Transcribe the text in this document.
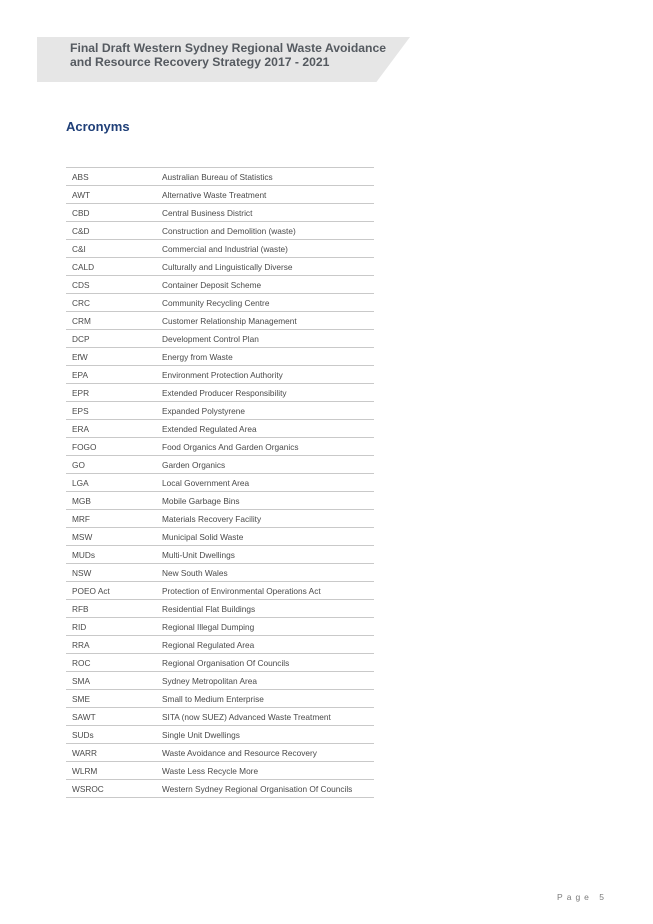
Final Draft Western Sydney Regional Waste Avoidance
and Resource Recovery Strategy 2017 - 2021
Acronyms
ABS	Australian Bureau of Statistics
AWT	Alternative Waste Treatment
CBD	Central Business District
C&D	Construction and Demolition (waste)
C&I	Commercial and Industrial (waste)
CALD	Culturally and Linguistically Diverse
CDS	Container Deposit Scheme
CRC	Community Recycling Centre
CRM	Customer Relationship Management
DCP	Development Control Plan
EfW	Energy from Waste
EPA	Environment Protection Authority
EPR	Extended Producer Responsibility
EPS	Expanded Polystyrene
ERA	Extended Regulated Area
FOGO	Food Organics And Garden Organics
GO	Garden Organics
LGA	Local Government Area
MGB	Mobile Garbage Bins
MRF	Materials Recovery Facility
MSW	Municipal Solid Waste
MUDs	Multi-Unit Dwellings
NSW	New South Wales
POEO Act	Protection of Environmental Operations Act
RFB	Residential Flat Buildings
RID	Regional Illegal Dumping
RRA	Regional Regulated Area
ROC	Regional Organisation Of Councils
SMA	Sydney Metropolitan Area
SME	Small to Medium Enterprise
SAWT	SITA (now SUEZ) Advanced Waste Treatment
SUDs	Single Unit Dwellings
WARR	Waste Avoidance and Resource Recovery
WLRM	Waste Less Recycle More
WSROC	Western Sydney Regional Organisation Of Councils
Page 5
